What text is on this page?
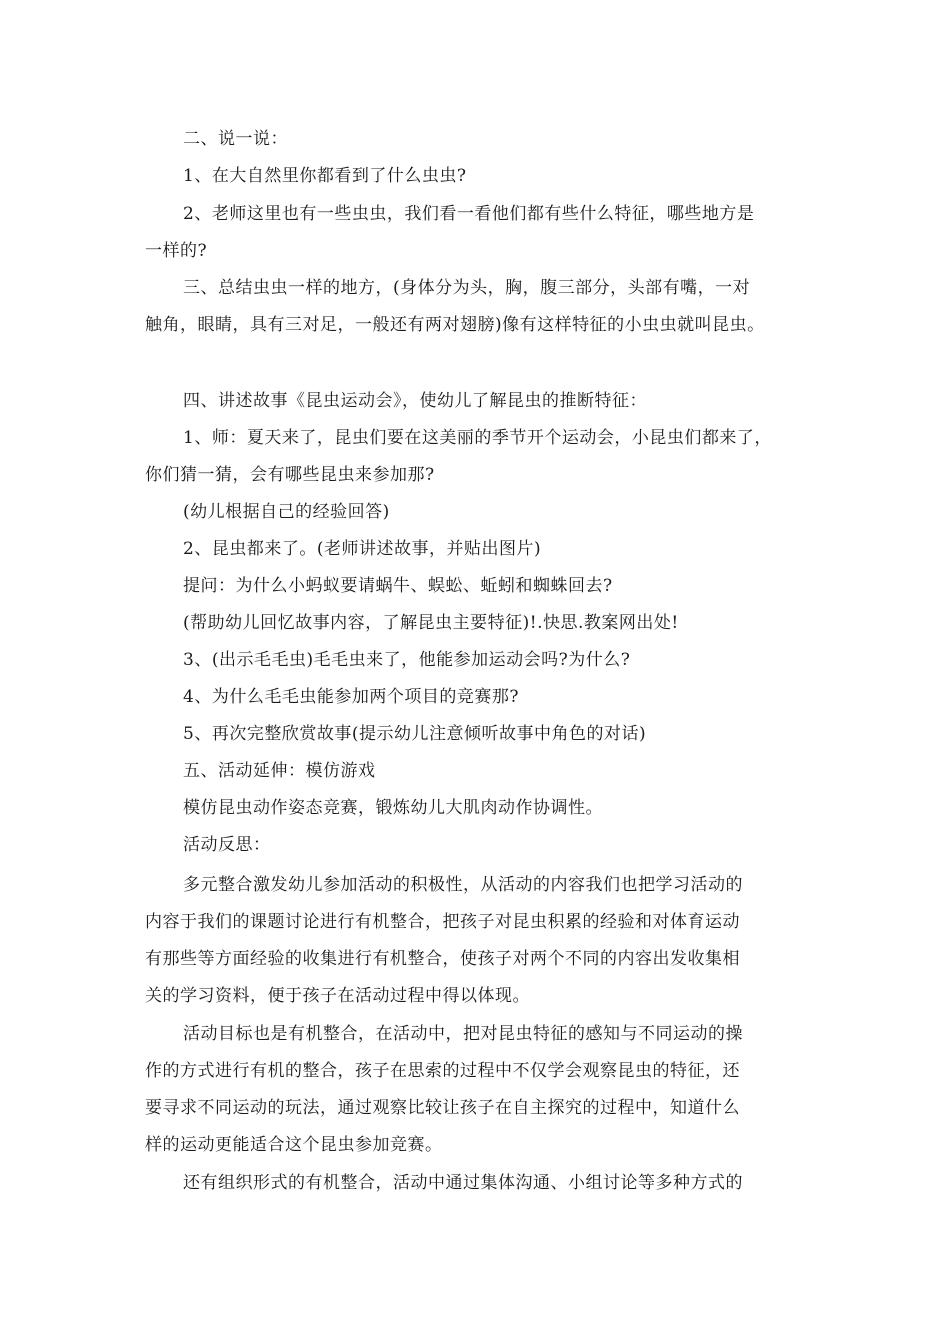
二、说一说：
1、在大自然里你都看到了什么虫虫?
2、老师这里也有一些虫虫，我们看一看他们都有些什么特征，哪些地方是
一样的?
三、总结虫虫一样的地方，(身体分为头，胸，腹三部分，头部有嘴，一对
触角，眼睛，具有三对足，一般还有两对翅膀)像有这样特征的小虫虫就叫昆虫。
四、讲述故事《昆虫运动会》，使幼儿了解昆虫的推断特征：
1、师：夏天来了，昆虫们要在这美丽的季节开个运动会，小昆虫们都来了，
你们猜一猜，会有哪些昆虫来参加那?
(幼儿根据自己的经验回答)
2、昆虫都来了。(老师讲述故事，并贴出图片)
提问：为什么小蚂蚁要请蜗牛、蜈蚣、蚯蚓和蜘蛛回去?
(帮助幼儿回忆故事内容，了解昆虫主要特征)!.快思.教案网出处!
3、(出示毛毛虫)毛毛虫来了，他能参加运动会吗?为什么?
4、为什么毛毛虫能参加两个项目的竞赛那?
5、再次完整欣赏故事(提示幼儿注意倾听故事中角色的对话)
五、活动延伸：模仿游戏
模仿昆虫动作姿态竞赛，锻炼幼儿大肌肉动作协调性。
活动反思：
多元整合激发幼儿参加活动的积极性，从活动的内容我们也把学习活动的
内容于我们的课题讨论进行有机整合，把孩子对昆虫积累的经验和对体育运动
有那些等方面经验的收集进行有机整合，使孩子对两个不同的内容出发收集相
关的学习资料，便于孩子在活动过程中得以体现。
活动目标也是有机整合，在活动中，把对昆虫特征的感知与不同运动的操
作的方式进行有机的整合，孩子在思索的过程中不仅学会观察昆虫的特征，还
要寻求不同运动的玩法，通过观察比较让孩子在自主探究的过程中，知道什么
样的运动更能适合这个昆虫参加竞赛。
还有组织形式的有机整合，活动中通过集体沟通、小组讨论等多种方式的
